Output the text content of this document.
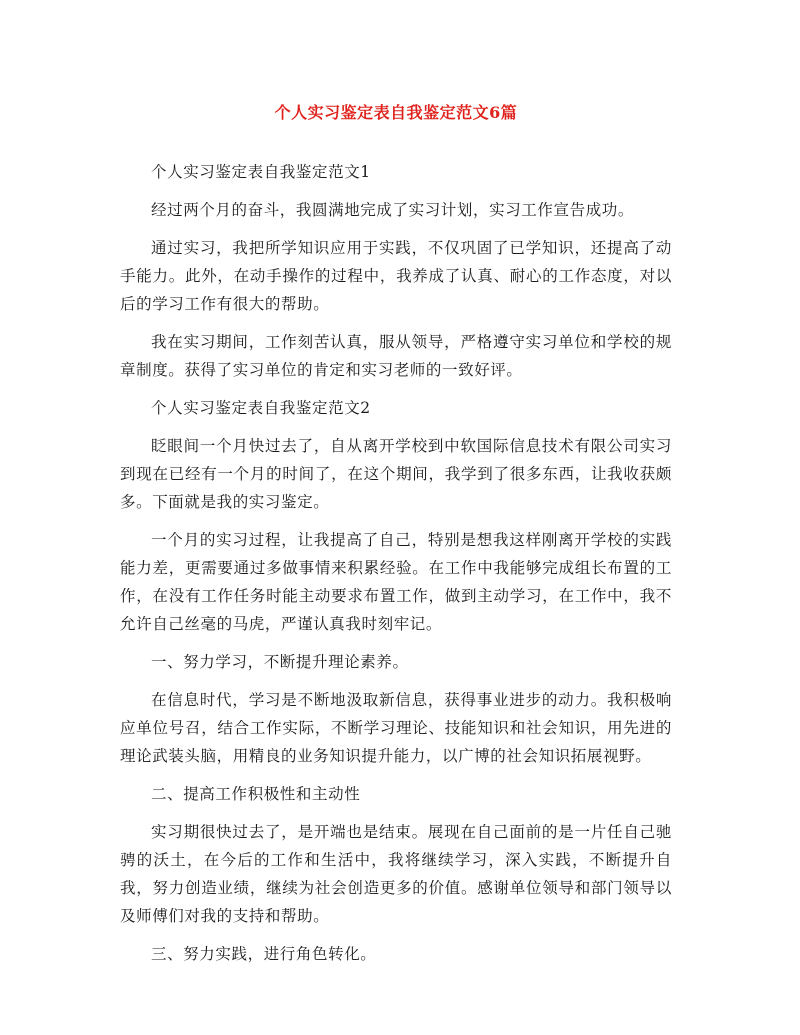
个人实习鉴定表自我鉴定范文6篇

个人实习鉴定表自我鉴定范文1

经过两个月的奋斗，我圆满地完成了实习计划，实习工作宣告成功。

通过实习，我把所学知识应用于实践，不仅巩固了已学知识，还提高了动手能力。此外，在动手操作的过程中，我养成了认真、耐心的工作态度，对以后的学习工作有很大的帮助。

我在实习期间，工作刻苦认真，服从领导，严格遵守实习单位和学校的规章制度。获得了实习单位的肯定和实习老师的一致好评。

个人实习鉴定表自我鉴定范文2

眨眼间一个月快过去了，自从离开学校到中软国际信息技术有限公司实习到现在已经有一个月的时间了，在这个期间，我学到了很多东西，让我收获颇多。下面就是我的实习鉴定。

一个月的实习过程，让我提高了自己，特别是想我这样刚离开学校的实践能力差，更需要通过多做事情来积累经验。在工作中我能够完成组长布置的工作，在没有工作任务时能主动要求布置工作，做到主动学习，在工作中，我不允许自己丝毫的马虎，严谨认真我时刻牢记。

一、努力学习，不断提升理论素养。

在信息时代，学习是不断地汲取新信息，获得事业进步的动力。我积极响应单位号召，结合工作实际，不断学习理论、技能知识和社会知识，用先进的理论武装头脑，用精良的业务知识提升能力，以广博的社会知识拓展视野。

二、提高工作积极性和主动性

实习期很快过去了，是开端也是结束。展现在自己面前的是一片任自己驰骋的沃土，在今后的工作和生活中，我将继续学习，深入实践，不断提升自我，努力创造业绩，继续为社会创造更多的价值。感谢单位领导和部门领导以及师傅们对我的支持和帮助。

三、努力实践，进行角色转化。
